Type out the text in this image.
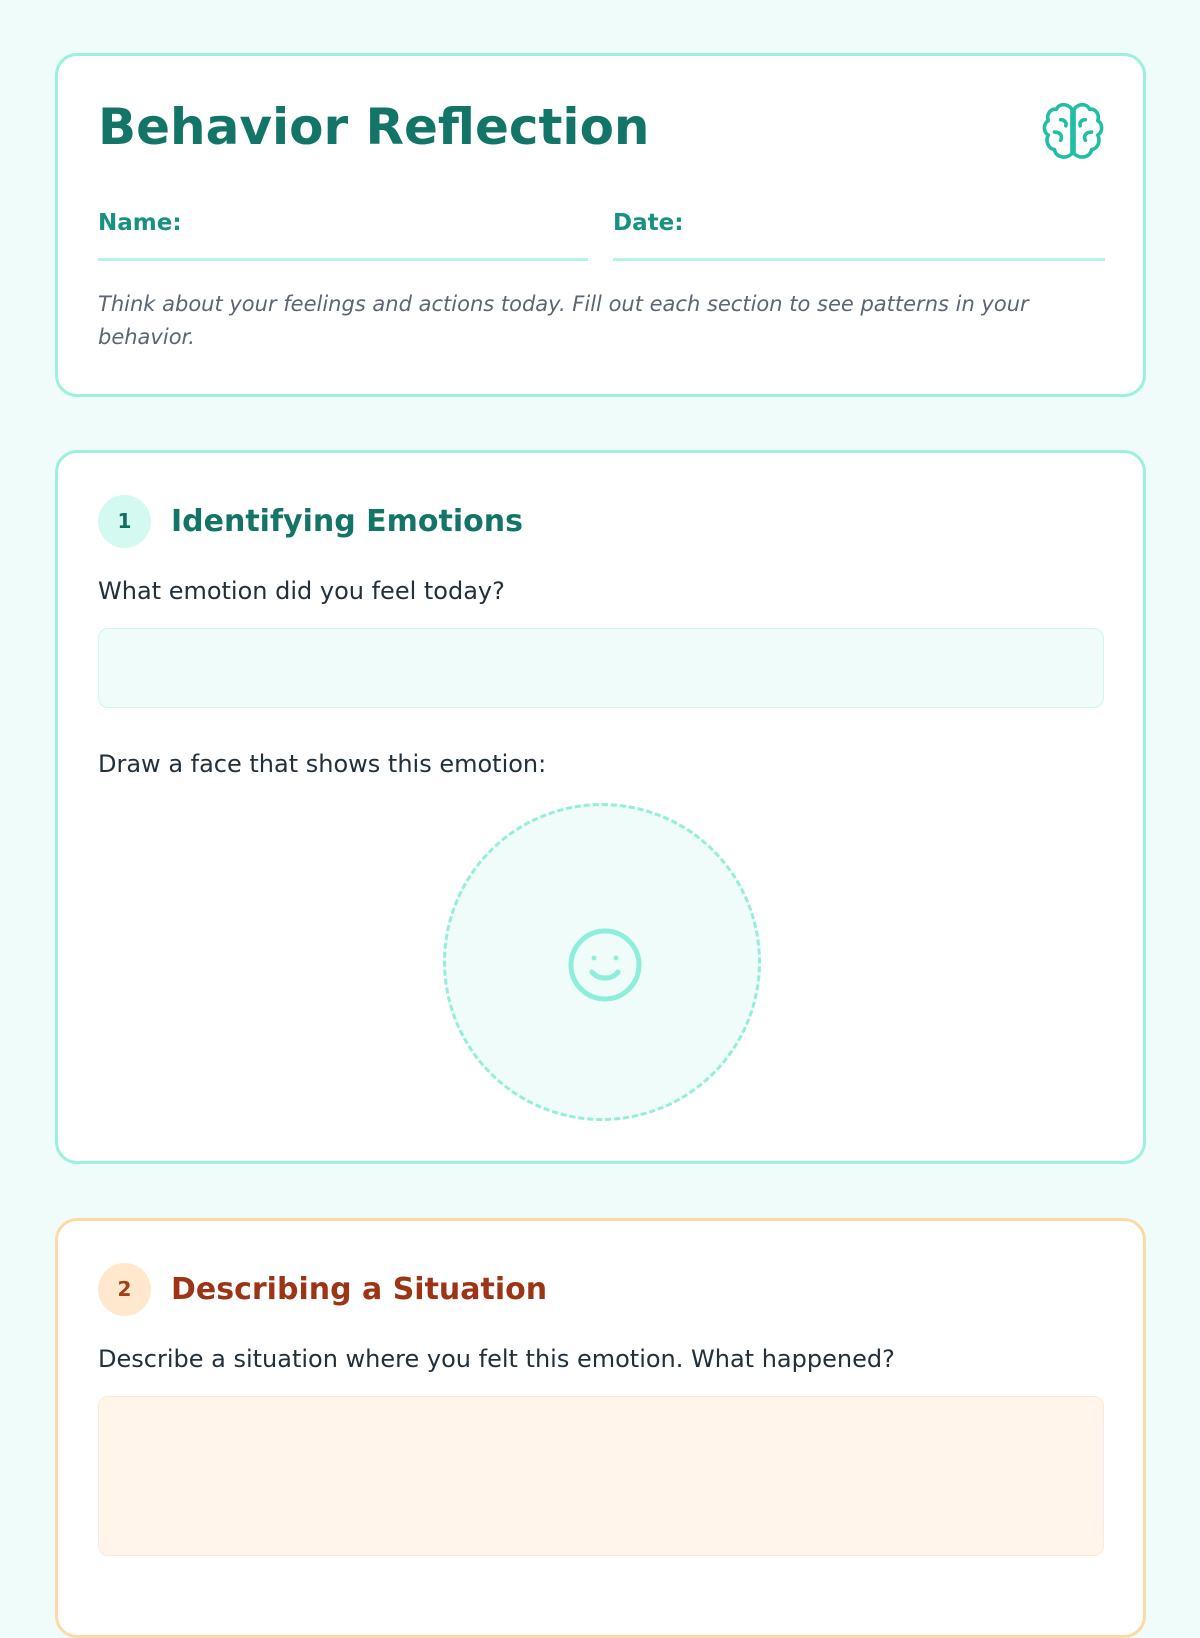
Behavior Reflection
Name:	Date:

Think about your feelings and actions today. Fill out each section to see patterns in your behavior.

1	Identifying Emotions

What emotion did you feel today?

Draw a face that shows this emotion:

2	Describing a Situation

Describe a situation where you felt this emotion. What happened?
